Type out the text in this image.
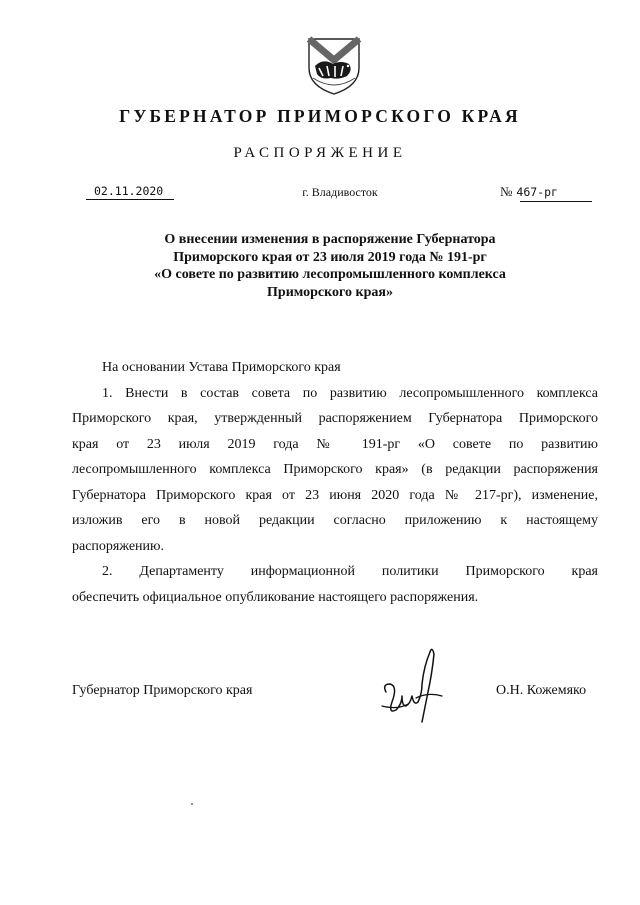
ГУБЕРНАТОР ПРИМОРСКОГО КРАЯ
РАСПОРЯЖЕНИЕ
02.11.2020	г. Владивосток	№ 467-рг
О внесении изменения в распоряжение Губернатора
Приморского края от 23 июля 2019 года № 191-рг
«О совете по развитию лесопромышленного комплекса
Приморского края»
На основании Устава Приморского края
1. Внести в состав совета по развитию лесопромышленного комплекса
Приморского края, утвержденный распоряжением Губернатора Приморского
края от 23 июля 2019 года № 191-рг «О совете по развитию
лесопромышленного комплекса Приморского края» (в редакции распоряжения
Губернатора Приморского края от 23 июня 2020 года № 217-рг), изменение,
изложив его в новой редакции согласно приложению к настоящему
распоряжению.
2. Департаменту информационной политики Приморского края
обеспечить официальное опубликование настоящего распоряжения.
Губернатор Приморского края	О.Н. Кожемяко
